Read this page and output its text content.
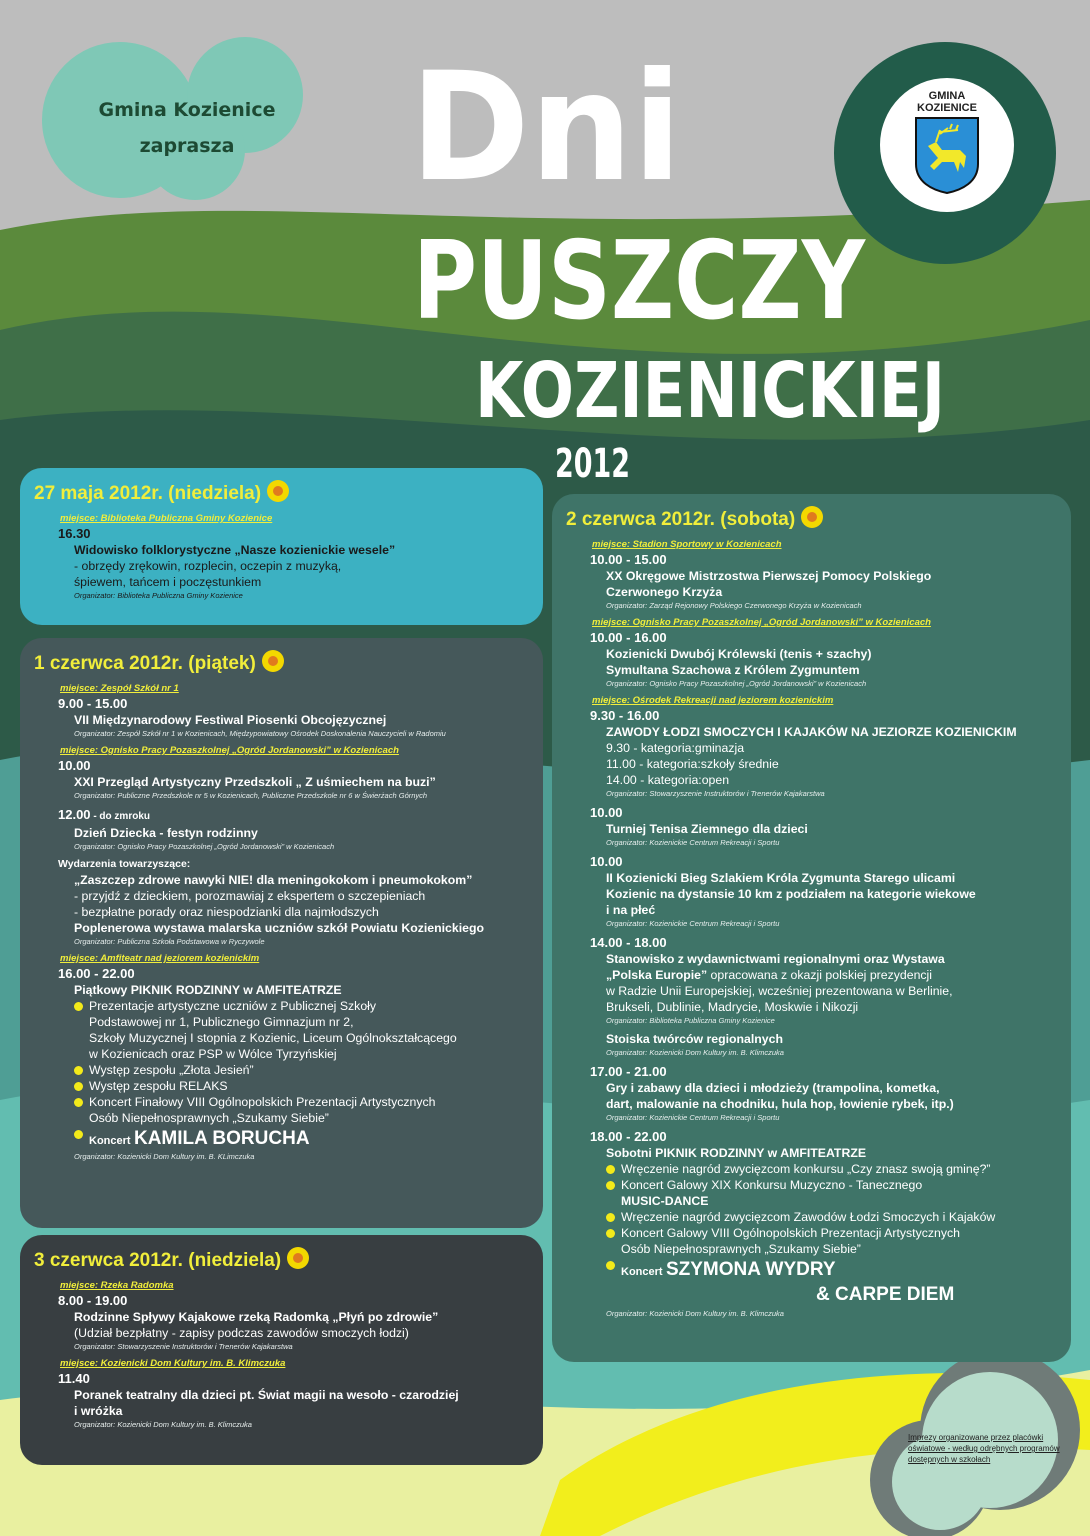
Gmina Kozienice
zaprasza	Dni
PUSZCZY
KOZIENICKIEJ
2012
GMINA
KOZIENICE
27 maja 2012r. (niedziela)
miejsce: Biblioteka Publiczna Gminy Kozienice
16.30
Widowisko folklorystyczne „Nasze kozienickie wesele”
- obrzędy zrękowin, rozplecin, oczepin z muzyką,
śpiewem, tańcem i poczęstunkiem
Organizator: Biblioteka Publiczna Gminy Kozienice
1 czerwca 2012r. (piątek)
miejsce: Zespół Szkół nr 1
9.00 - 15.00
VII Międzynarodowy Festiwal Piosenki Obcojęzycznej
Organizator: Zespół Szkół nr 1 w Kozienicach, Międzypowiatowy Ośrodek Doskonalenia Nauczycieli w Radomiu
miejsce: Ognisko Pracy Pozaszkolnej „Ogród Jordanowski” w Kozienicach
10.00
XXI Przegląd Artystyczny Przedszkoli „ Z uśmiechem na buzi”
Organizator: Publiczne Przedszkole nr 5 w Kozienicach, Publiczne Przedszkole nr 6 w Świerżach Górnych
12.00 - do zmroku
Dzień Dziecka - festyn rodzinny
Organizator: Ognisko Pracy Pozaszkolnej „Ogród Jordanowski” w Kozienicach
Wydarzenia towarzyszące:
„Zaszczep zdrowe nawyki NIE! dla meningokokom i pneumokokom”
- przyjdź z dzieckiem, porozmawiaj z ekspertem o szczepieniach
- bezpłatne porady oraz niespodzianki dla najmłodszych
Poplenerowa wystawa malarska uczniów szkół Powiatu Kozienickiego
Organizator: Publiczna Szkoła Podstawowa w Ryczywole
miejsce: Amfiteatr nad jeziorem kozienickim
16.00 - 22.00
Piątkowy PIKNIK RODZINNY w AMFITEATRZE
Prezentacje artystyczne uczniów z Publicznej Szkoły
Podstawowej nr 1, Publicznego Gimnazjum nr 2,
Szkoły Muzycznej I stopnia z Kozienic, Liceum Ogólnokształcącego
w Kozienicach oraz PSP w Wólce Tyrzyńskiej
Występ zespołu „Złota Jesień”
Występ zespołu RELAKS
Koncert Finałowy VIII Ogólnopolskich Prezentacji Artystycznych
Osób Niepełnosprawnych „Szukamy Siebie”
Koncert KAMILA BORUCHA
Organizator: Kozienicki Dom Kultury im. B. KLimczuka
3 czerwca 2012r. (niedziela)
miejsce: Rzeka Radomka
8.00 - 19.00
Rodzinne Spływy Kajakowe rzeką Radomką „Płyń po zdrowie”
(Udział bezpłatny - zapisy podczas zawodów smoczych łodzi)
Organizator: Stowarzyszenie Instruktorów i Trenerów Kajakarstwa
miejsce: Kozienicki Dom Kultury im. B. Klimczuka
11.40
Poranek teatralny dla dzieci pt. Świat magii na wesoło - czarodziej
i wróżka
Organizator: Kozienicki Dom Kultury im. B. Klimczuka
2 czerwca 2012r. (sobota)
miejsce: Stadion Sportowy w Kozienicach
10.00 - 15.00
XX Okręgowe Mistrzostwa Pierwszej Pomocy Polskiego
Czerwonego Krzyża
Organizator: Zarząd Rejonowy Polskiego Czerwonego Krzyża w Kozienicach
miejsce: Ognisko Pracy Pozaszkolnej „Ogród Jordanowski” w Kozienicach
10.00 - 16.00
Kozienicki Dwubój Królewski (tenis + szachy)
Symultana Szachowa z Królem Zygmuntem
Organizator: Ognisko Pracy Pozaszkolnej „Ogród Jordanowski” w Kozienicach
miejsce: Ośrodek Rekreacji nad jeziorem kozienickim
9.30 - 16.00
ZAWODY ŁODZI SMOCZYCH I KAJAKÓW NA JEZIORZE KOZIENICKIM
9.30 - kategoria:gminazja
11.00 - kategoria:szkoły średnie
14.00 - kategoria:open
Organizator: Stowarzyszenie Instruktorów i Trenerów Kajakarstwa
10.00
Turniej Tenisa Ziemnego dla dzieci
Organizator: Kozienickie Centrum Rekreacji i Sportu
10.00
II Kozienicki Bieg Szlakiem Króla Zygmunta Starego ulicami
Kozienic na dystansie 10 km z podziałem na kategorie wiekowe
i na płeć
Organizator: Kozienickie Centrum Rekreacji i Sportu
14.00 - 18.00
Stanowisko z wydawnictwami regionalnymi oraz Wystawa
„Polska Europie” opracowana z okazji polskiej prezydencji
w Radzie Unii Europejskiej, wcześniej prezentowana w Berlinie,
Brukseli, Dublinie, Madrycie, Moskwie i Nikozji
Organizator: Biblioteka Publiczna Gminy Kozienice
Stoiska twórców regionalnych
Organizator: Kozienicki Dom Kultury im. B. Klimczuka
17.00 - 21.00
Gry i zabawy dla dzieci i młodzieży (trampolina, kometka,
dart, malowanie na chodniku, hula hop, łowienie rybek, itp.)
Organizator: Kozienickie Centrum Rekreacji i Sportu
18.00 - 22.00
Sobotni PIKNIK RODZINNY w AMFITEATRZE
Wręczenie nagród zwycięzcom konkursu „Czy znasz swoją gminę?”
Koncert Galowy XIX Konkursu Muzyczno - Tanecznego
MUSIC-DANCE
Wręczenie nagród zwycięzcom Zawodów Łodzi Smoczych i Kajaków
Koncert Galowy VIII Ogólnopolskich Prezentacji Artystycznych
Osób Niepełnosprawnych „Szukamy Siebie”
Koncert SZYMONA WYDRY
& CARPE DIEM
Organizator: Kozienicki Dom Kultury im. B. Klimczuka
Imprezy organizowane przez placówki oświatowe - według odrębnych programów dostępnych w szkołach
